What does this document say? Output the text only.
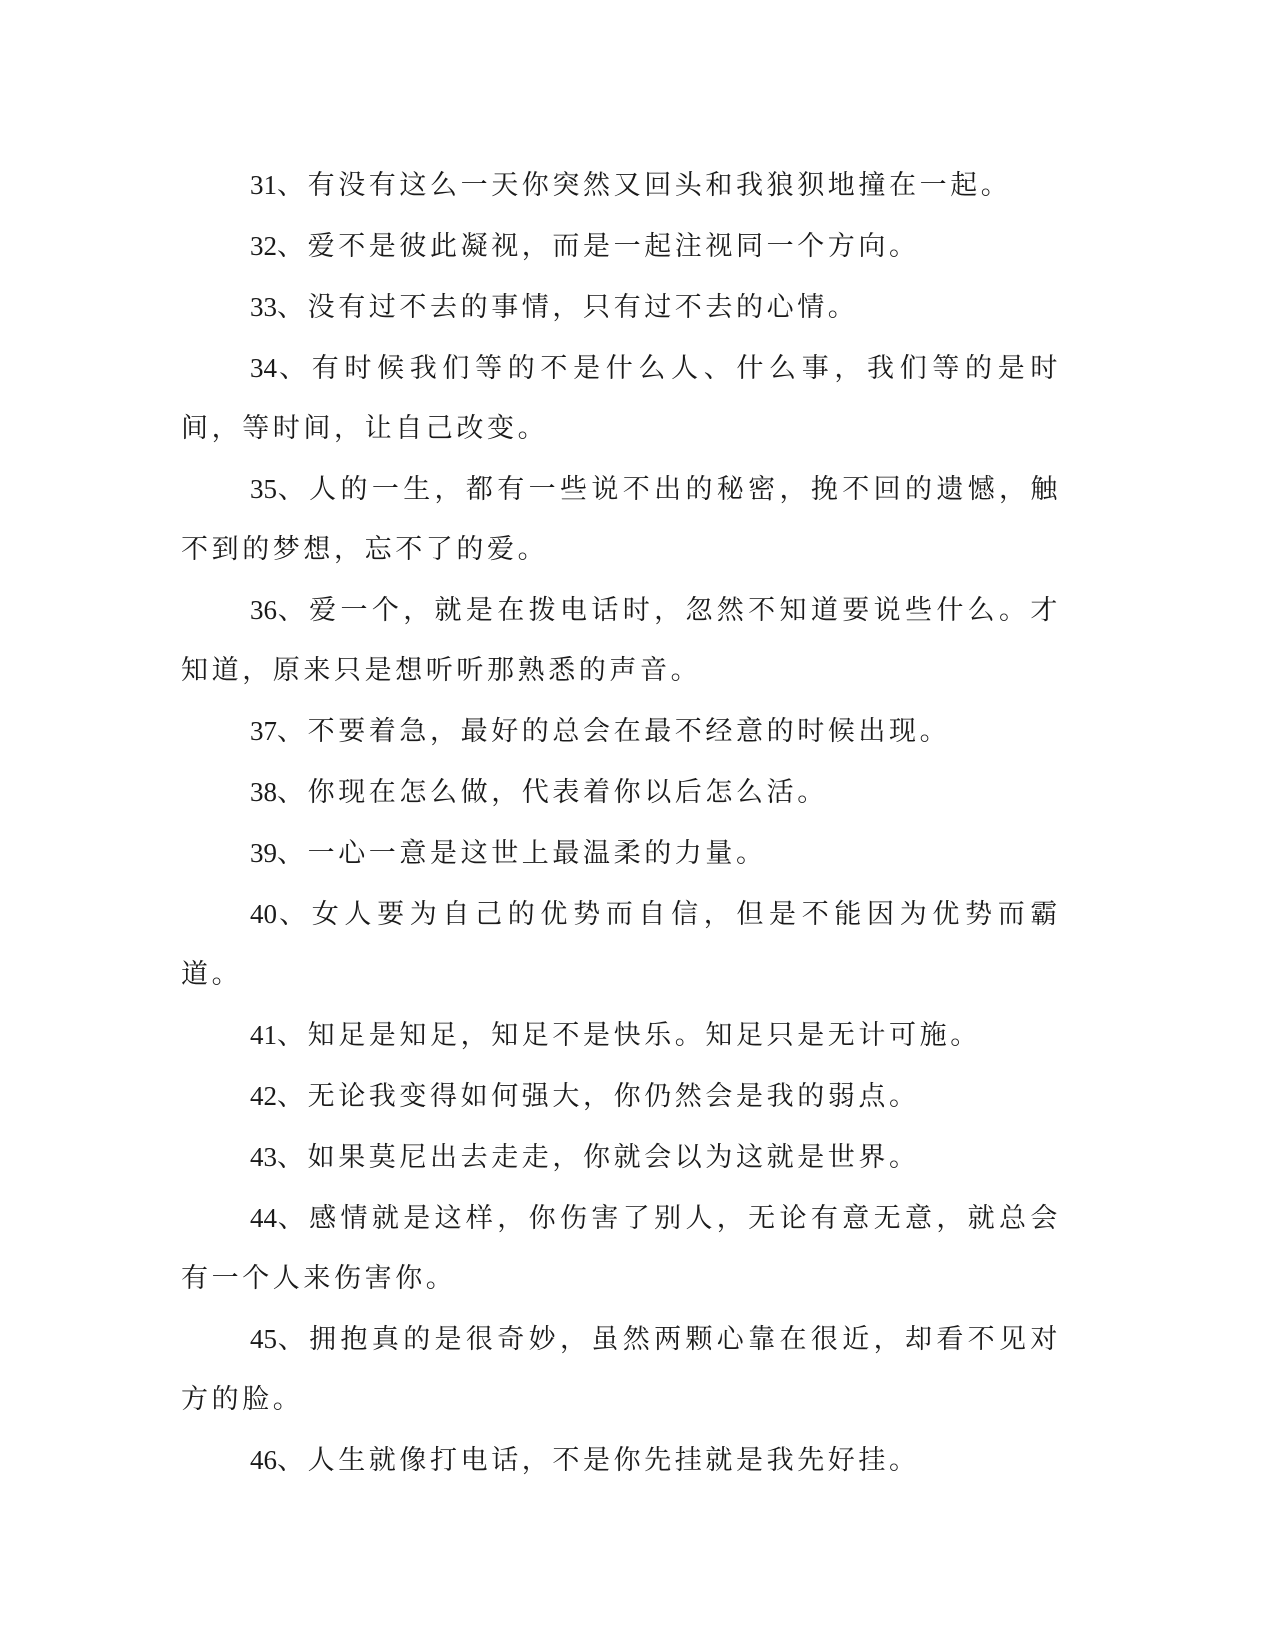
31、有没有这么一天你突然又回头和我狼狈地撞在一起。

32、爱不是彼此凝视，而是一起注视同一个方向。

33、没有过不去的事情，只有过不去的心情。

34、有时候我们等的不是什么人、什么事，我们等的是时间，等时间，让自己改变。

35、人的一生，都有一些说不出的秘密，挽不回的遗憾，触不到的梦想，忘不了的爱。

36、爱一个，就是在拨电话时，忽然不知道要说些什么。才知道，原来只是想听听那熟悉的声音。

37、不要着急，最好的总会在最不经意的时候出现。

38、你现在怎么做，代表着你以后怎么活。

39、一心一意是这世上最温柔的力量。

40、女人要为自己的优势而自信，但是不能因为优势而霸道。

41、知足是知足，知足不是快乐。知足只是无计可施。

42、无论我变得如何强大，你仍然会是我的弱点。

43、如果莫尼出去走走，你就会以为这就是世界。

44、感情就是这样，你伤害了别人，无论有意无意，就总会有一个人来伤害你。

45、拥抱真的是很奇妙，虽然两颗心靠在很近，却看不见对方的脸。

46、人生就像打电话，不是你先挂就是我先好挂。
